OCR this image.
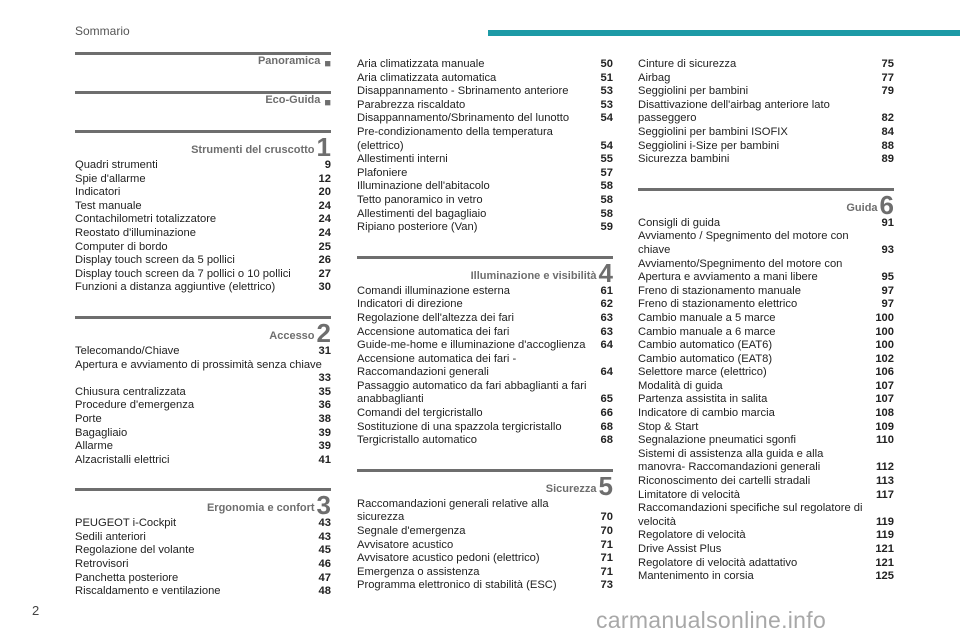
Sommario
Panoramica ■
Eco-Guida ■
Strumenti del cruscotto 1
Quadri strumenti	9
Spie d'allarme	12
Indicatori	20
Test manuale	24
Contachilometri totalizzatore	24
Reostato d'illuminazione	24
Computer di bordo	25
Display touch screen da 5 pollici	26
Display touch screen da 7 pollici o 10 pollici	27
Funzioni a distanza aggiuntive (elettrico)	30
Accesso 2
Telecomando/Chiave	31
Apertura e avviamento di prossimità senza chiave
33
Chiusura centralizzata	35
Procedure d'emergenza	36
Porte	38
Bagagliaio	39
Allarme	39
Alzacristalli elettrici	41
Ergonomia e confort 3
PEUGEOT i-Cockpit	43
Sedili anteriori	43
Regolazione del volante	45
Retrovisori	46
Panchetta posteriore	47
Riscaldamento e ventilazione	48
Aria climatizzata manuale	50
Aria climatizzata automatica	51
Disappannamento - Sbrinamento anteriore	53
Parabrezza riscaldato	53
Disappannamento/Sbrinamento del lunotto	54
Pre-condizionamento della temperatura (elettrico)	54
Allestimenti interni	55
Plafoniere	57
Illuminazione dell'abitacolo	58
Tetto panoramico in vetro	58
Allestimenti del bagagliaio	58
Ripiano posteriore (Van)	59
Illuminazione e visibilità 4
Comandi illuminazione esterna	61
Indicatori di direzione	62
Regolazione dell'altezza dei fari	63
Accensione automatica dei fari	63
Guide-me-home e illuminazione d'accoglienza	64
Accensione automatica dei fari - Raccomandazioni generali	64
Passaggio automatico da fari abbaglianti a fari anabbaglianti	65
Comandi del tergicristallo	66
Sostituzione di una spazzola tergicristallo	68
Tergicristallo automatico	68
Sicurezza 5
Raccomandazioni generali relative alla sicurezza	70
Segnale d'emergenza	70
Avvisatore acustico	71
Avvisatore acustico pedoni (elettrico)	71
Emergenza o assistenza	71
Programma elettronico di stabilità (ESC)	73
Cinture di sicurezza	75
Airbag	77
Seggiolini per bambini	79
Disattivazione dell'airbag anteriore lato passeggero	82
Seggiolini per bambini ISOFIX	84
Seggiolini i-Size per bambini	88
Sicurezza bambini	89
Guida 6
Consigli di guida	91
Avviamento / Spegnimento del motore con chiave	93
Avviamento/Spegnimento del motore con Apertura e avviamento a mani libere	95
Freno di stazionamento manuale	97
Freno di stazionamento elettrico	97
Cambio manuale a 5 marce	100
Cambio manuale a 6 marce	100
Cambio automatico (EAT6)	100
Cambio automatico (EAT8)	102
Selettore marce (elettrico)	106
Modalità di guida	107
Partenza assistita in salita	107
Indicatore di cambio marcia	108
Stop & Start	109
Segnalazione pneumatici sgonfi	110
Sistemi di assistenza alla guida e alla manovra- Raccomandazioni generali	112
Riconoscimento dei cartelli stradali	113
Limitatore di velocità	117
Raccomandazioni specifiche sul regolatore di velocità	119
Regolatore di velocità	119
Drive Assist Plus	121
Regolatore di velocità adattativo	121
Mantenimento in corsia	125
2	carmanualsonline.info
